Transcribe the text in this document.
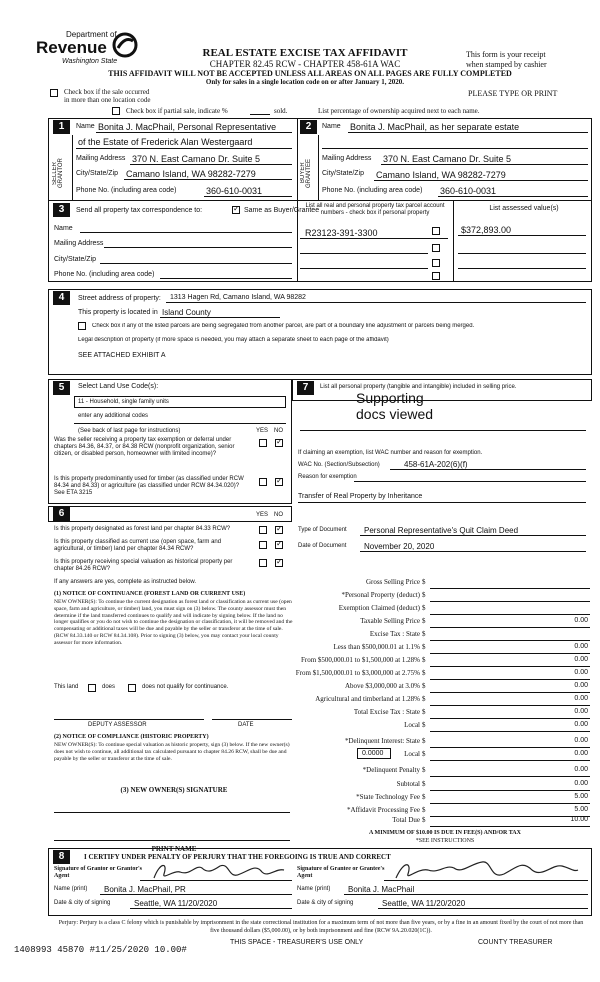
Department of
Revenue
Washington State
REAL ESTATE EXCISE TAX AFFIDAVIT
CHAPTER 82.45 RCW - CHAPTER 458-61A WAC
THIS AFFIDAVIT WILL NOT BE ACCEPTED UNLESS ALL AREAS ON ALL PAGES ARE FULLY COMPLETED
Only for sales in a single location code on or after January 1, 2020.
This form is your receipt
when stamped by cashier
PLEASE TYPE OR PRINT
Check box if the sale occurred
in more than one location code
Check box if partial sale, indicate %	sold.	List percentage of ownership acquired next to each name.
1
SELLER GRANTOR
Name Bonita J. MacPhail, Personal Representative
of the Estate of Frederick Alan Westergaard
Mailing Address 370 N. East Camano Dr. Suite 5
City/State/Zip Camano Island, WA 98282-7279
Phone No. (including area code)	360-610-0031
2
BUYER GRANTEE
Name Bonita J. MacPhail, as her separate estate
Mailing Address 370 N. East Camano Dr. Suite 5
City/State/Zip Camano Island, WA 98282-7279
Phone No. (including area code) 360-610-0031
3	Send all property tax correspondence to:
✓	Same as Buyer/Grantee
Name
Mailing Address
City/State/Zip
Phone No. (including area code)
List all real and personal property tax parcel account numbers - check box if personal property
List assessed value(s)
R23123-391-3300	$372,893.00
4	Street address of property: 1313 Hagen Rd, Camano Island, WA 98282
This property is located in Island County
Check box if any of the listed parcels are being segregated from another parcel, are part of a boundary line adjustment or parcels being merged.
Legal description of property (if more space is needed, you may attach a separate sheet to each page of the affidavit)
SEE ATTACHED EXHIBIT A
5	Select Land Use Code(s):
11 - Household, single family units
enter any additional codes
(See back of last page for instructions)	YES NO
Was the seller receiving a property tax exemption or deferral under chapters 84.36, 84.37, or 84.38 RCW (nonprofit organization, senior citizen, or disabled person, homeowner with limited income)?
✓
Is this property predominantly used for timber (as classified under RCW 84.34 and 84.33) or agriculture (as classified under RCW 84.34.020)? See ETA 3215
✓
6	YES NO
Is this property designated as forest land per chapter 84.33 RCW?
✓
Is this property classified as current use (open space, farm and agricultural, or timber) land per chapter 84.34 RCW?
✓
Is this property receiving special valuation as historical property per chapter 84.26 RCW?
✓
If any answers are yes, complete as instructed below.
(1) NOTICE OF CONTINUANCE (FOREST LAND OR CURRENT USE)
NEW OWNER(S): To continue the current designation as forest land or classification as current use (open space, farm and agriculture, or timber) land, you must sign on (3) below. The county assessor must then determine if the land transferred continues to qualify and will indicate by signing below. If the land no longer qualifies or you do not wish to continue the designation or classification, it will be removed and the compensating or additional taxes will be due and payable by the seller or transferor at the time of sale. (RCW 84.33.140 or RCW 84.34.108). Prior to signing (3) below, you may contact your local county assessor for more information.
This land	does	does not qualify for continuance.
DEPUTY ASSESSOR	DATE
(2) NOTICE OF COMPLIANCE (HISTORIC PROPERTY)
NEW OWNER(S): To continue special valuation as historic property, sign (3) below. If the new owner(s) does not wish to continue, all additional tax calculated pursuant to chapter 84.26 RCW, shall be due and payable by the seller or transferor at the time of sale.
(3) NEW OWNER(S) SIGNATURE
PRINT NAME
7	List all personal property (tangible and intangible) included in selling price.
Supporting
docs viewed
If claiming an exemption, list WAC number and reason for exemption.
WAC No. (Section/Subsection)	458-61A-202(6)(f)
Reason for exemption
Transfer of Real Property by Inheritance
Type of Document Personal Representative's Quit Claim Deed
Date of Document November 20, 2020
Gross Selling Price $
*Personal Property (deduct) $
Exemption Claimed (deduct) $
Taxable Selling Price $	0.00
Excise Tax : State $
Less than $500,000.01 at 1.1% $	0.00
From $500,000.01 to $1,500,000 at 1.28% $	0.00
From $1,500,000.01 to $3,000,000 at 2.75% $	0.00
Above $3,000,000 at 3.0% $	0.00
Agricultural and timberland at 1.28% $	0.00
Total Excise Tax : State $	0.00
Local $	0.00
*Delinquent Interest: State $	0.00
Local $	0.00
*Delinquent Penalty $	0.00
Subtotal $	0.00
*State Technology Fee $	5.00
*Affidavit Processing Fee $	5.00
Total Due $	10.00
0.0000
A MINIMUM OF $10.00 IS DUE IN FEE(S) AND/OR TAX
*SEE INSTRUCTIONS
8	I CERTIFY UNDER PENALTY OF PERJURY THAT THE FOREGOING IS TRUE AND CORRECT
Signature of Grantor or Grantor's Agent
Signature of Grantee or Grantee's Agent
Name (print) Bonita J. MacPhail, PR	Name (print) Bonita J. MacPhail
Date & city of signing	Seattle, WA 11/20/2020	Date & city of signing	Seattle, WA 11/20/2020
Perjury: Perjury is a class C felony which is punishable by imprisonment in the state correctional institution for a maximum term of not more than five years, or by a fine in an amount fixed by the court of not more than five thousand dollars ($5,000.00), or by both imprisonment and fine (RCW 9A.20.020(1C)).
1408993 45870 #11/25/2020 10.00#
THIS SPACE - TREASURER'S USE ONLY	COUNTY TREASURER
